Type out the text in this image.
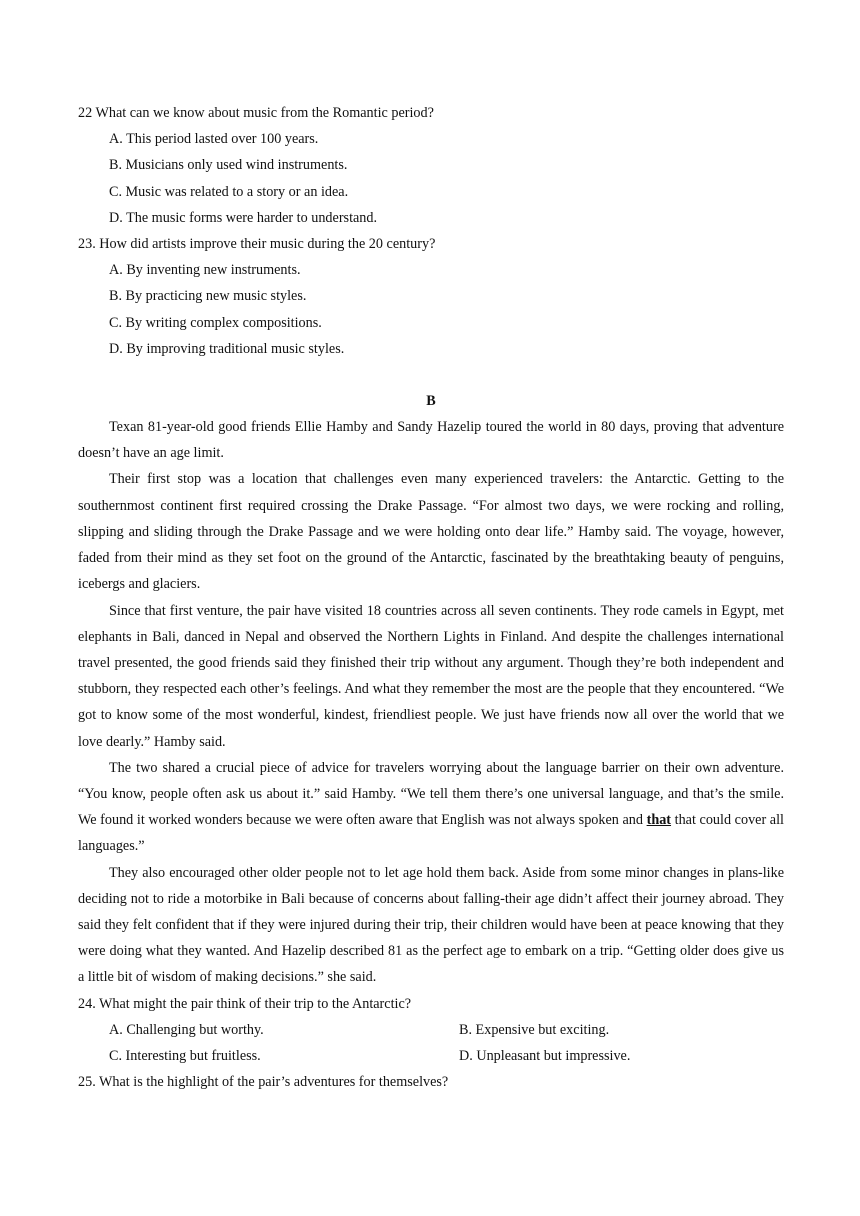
22 What can we know about music from the Romantic period?
A. This period lasted over 100 years.
B. Musicians only used wind instruments.
C. Music was related to a story or an idea.
D. The music forms were harder to understand.
23. How did artists improve their music during the 20 century?
A. By inventing new instruments.
B. By practicing new music styles.
C. By writing complex compositions.
D. By improving traditional music styles.
B

Texan 81-year-old good friends Ellie Hamby and Sandy Hazelip toured the world in 80 days, proving that adventure doesn’t have an age limit.

Their first stop was a location that challenges even many experienced travelers: the Antarctic. Getting to the southernmost continent first required crossing the Drake Passage. “For almost two days, we were rocking and rolling, slipping and sliding through the Drake Passage and we were holding onto dear life.” Hamby said. The voyage, however, faded from their mind as they set foot on the ground of the Antarctic, fascinated by the breathtaking beauty of penguins, icebergs and glaciers.

Since that first venture, the pair have visited 18 countries across all seven continents. They rode camels in Egypt, met elephants in Bali, danced in Nepal and observed the Northern Lights in Finland. And despite the challenges international travel presented, the good friends said they finished their trip without any argument. Though they’re both independent and stubborn, they respected each other’s feelings. And what they remember the most are the people that they encountered. “We got to know some of the most wonderful, kindest, friendliest people. We just have friends now all over the world that we love dearly.” Hamby said.

The two shared a crucial piece of advice for travelers worrying about the language barrier on their own adventure. “You know, people often ask us about it.” said Hamby. “We tell them there’s one universal language, and that’s the smile. We found it worked wonders because we were often aware that English was not always spoken and that that could cover all languages.”

They also encouraged other older people not to let age hold them back. Aside from some minor changes in plans-like deciding not to ride a motorbike in Bali because of concerns about falling-their age didn’t affect their journey abroad. They said they felt confident that if they were injured during their trip, their children would have been at peace knowing that they were doing what they wanted. And Hazelip described 81 as the perfect age to embark on a trip. “Getting older does give us a little bit of wisdom of making decisions.” she said.

24. What might the pair think of their trip to the Antarctic?
A. Challenging but worthy.	B. Expensive but exciting.
C. Interesting but fruitless.	D. Unpleasant but impressive.
25. What is the highlight of the pair’s adventures for themselves?
